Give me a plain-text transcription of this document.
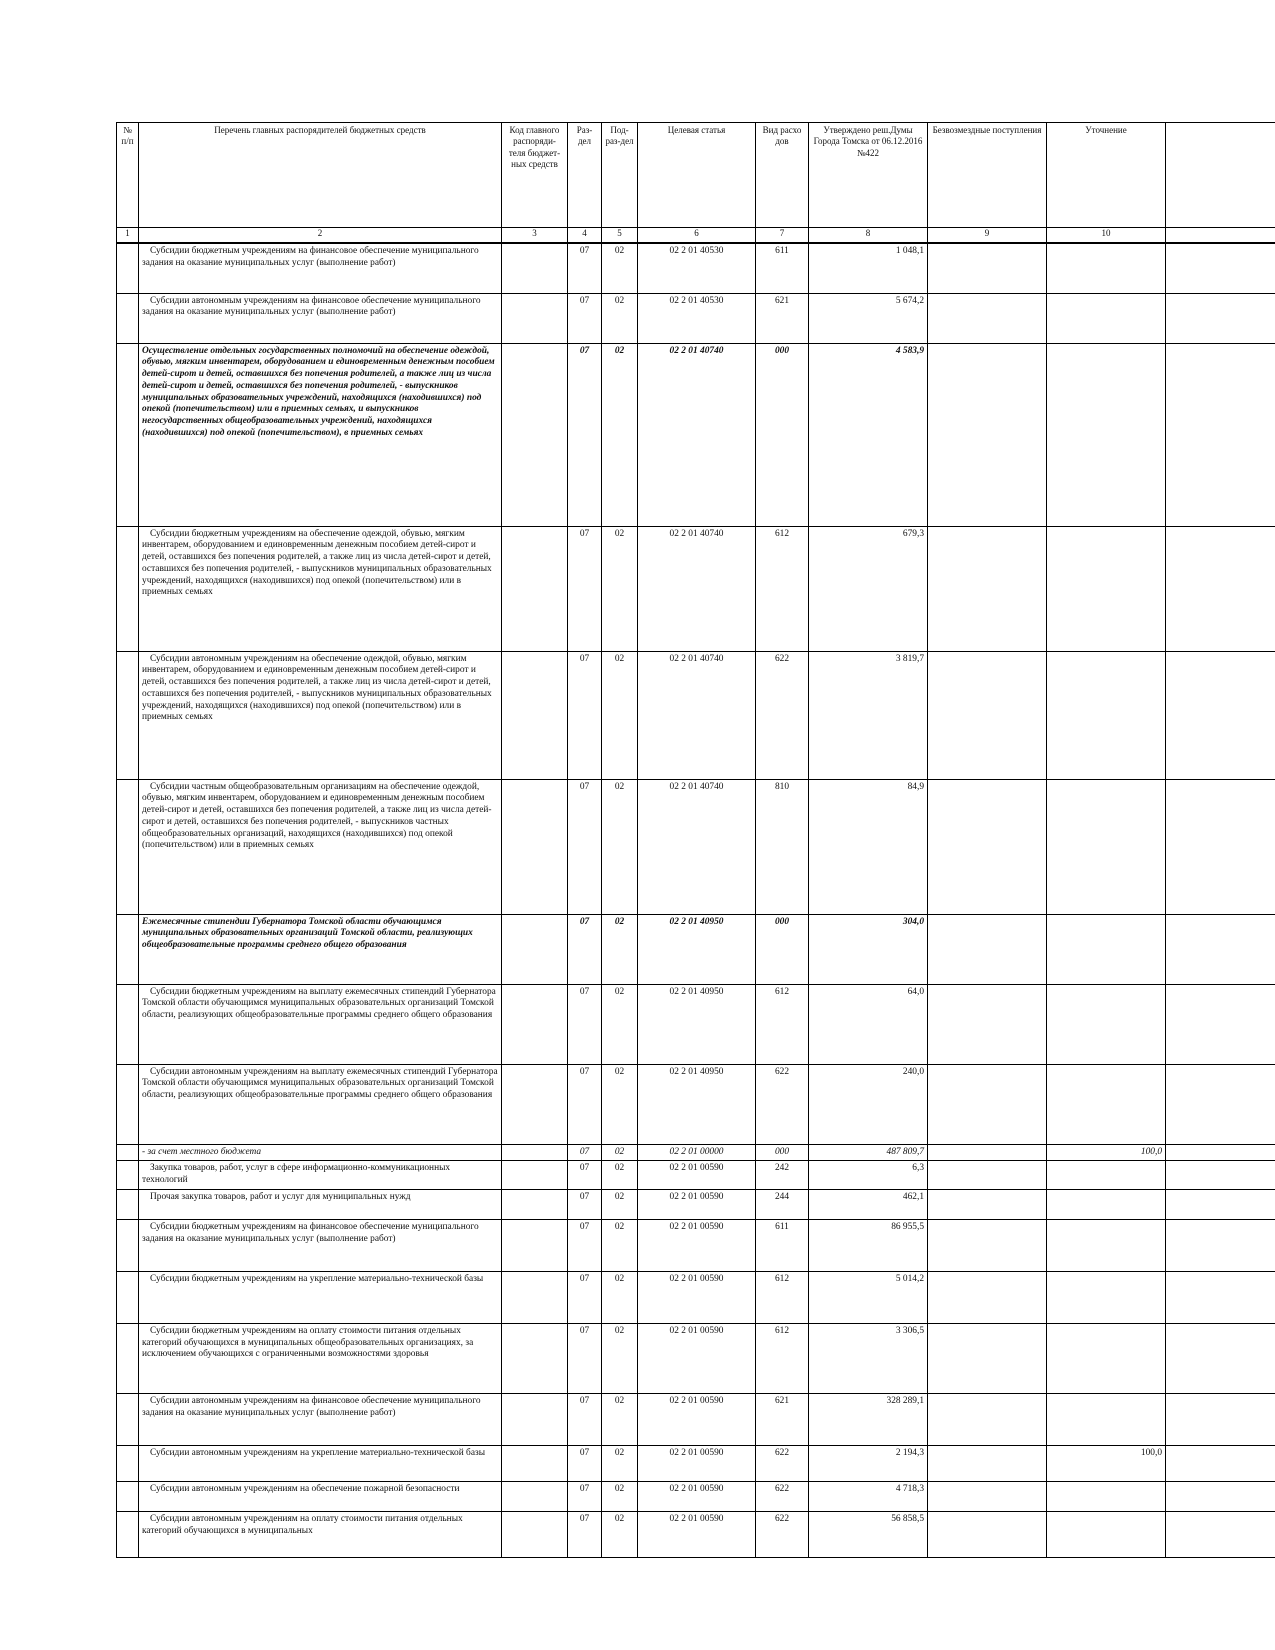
№ п/п	Перечень главных распорядителей бюджетных средств	Код главного распоряди-теля бюджет-ных средств	Раз-дел	Под-раз-дел	Целевая статья	Вид расхо дов	Утверждено реш.Думы Города Томска от 06.12.2016 №422	Безвозмездные поступления	Уточнение	
1	2	3	4	5	6	7	8	9	10	
	Субсидии бюджетным учреждениям на финансовое обеспечение муниципального задания на оказание муниципальных услуг (выполнение работ)		07	02	02 2 01 40530	611	1 048,1			
	Субсидии автономным учреждениям на финансовое обеспечение муниципального задания на оказание муниципальных услуг (выполнение работ)		07	02	02 2 01 40530	621	5 674,2			
	Осуществление отдельных государственных полномочий на обеспечение одеждой, обувью, мягким инвентарем, оборудованием и единовременным денежным пособием детей-сирот и детей, оставшихся без попечения родителей, а также лиц из числа детей-сирот и детей, оставшихся без попечения родителей, - выпускников муниципальных образовательных учреждений, находящихся (находившихся) под опекой (попечительством) или в приемных семьях, и выпускников негосударственных общеобразовательных учреждений, находящихся (находившихся) под опекой (попечительством), в приемных семьях		07	02	02 2 01 40740	000	4 583,9			
	Субсидии бюджетным учреждениям на обеспечение одеждой, обувью, мягким инвентарем, оборудованием и единовременным денежным пособием детей-сирот и детей, оставшихся без попечения родителей, а также лиц из числа детей-сирот и детей, оставшихся без попечения родителей, - выпускников муниципальных образовательных учреждений, находящихся (находившихся) под опекой (попечительством) или в приемных семьях		07	02	02 2 01 40740	612	679,3			
	Субсидии автономным учреждениям на обеспечение одеждой, обувью, мягким инвентарем, оборудованием и единовременным денежным пособием детей-сирот и детей, оставшихся без попечения родителей, а также лиц из числа детей-сирот и детей, оставшихся без попечения родителей, - выпускников муниципальных образовательных учреждений, находящихся (находившихся) под опекой (попечительством) или в приемных семьях		07	02	02 2 01 40740	622	3 819,7			
	Субсидии частным общеобразовательным организациям на обеспечение одеждой, обувью, мягким инвентарем, оборудованием и единовременным денежным пособием детей-сирот и детей, оставшихся без попечения родителей, а также лиц из числа детей-сирот и детей, оставшихся без попечения родителей, - выпускников частных общеобразовательных организаций, находящихся (находившихся) под опекой (попечительством) или в приемных семьях		07	02	02 2 01 40740	810	84,9			
	Ежемесячные стипендии Губернатора Томской области обучающимся муниципальных образовательных организаций Томской области, реализующих общеобразовательные программы среднего общего образования		07	02	02 2 01 40950	000	304,0			
	Субсидии бюджетным учреждениям на выплату ежемесячных стипендий Губернатора Томской области обучающимся муниципальных образовательных организаций Томской области, реализующих общеобразовательные программы среднего общего образования		07	02	02 2 01 40950	612	64,0			
	Субсидии автономным учреждениям на выплату ежемесячных стипендий Губернатора Томской области обучающимся муниципальных образовательных организаций Томской области, реализующих общеобразовательные программы среднего общего образования		07	02	02 2 01 40950	622	240,0			
	- за счет местного бюджета		07	02	02 2 01 00000	000	487 809,7		100,0	
	Закупка товаров, работ, услуг в сфере информационно-коммуникационных технологий		07	02	02 2 01 00590	242	6,3			
	Прочая закупка товаров, работ и услуг для муниципальных нужд		07	02	02 2 01 00590	244	462,1			
	Субсидии бюджетным учреждениям на финансовое обеспечение муниципального задания на оказание муниципальных услуг (выполнение работ)		07	02	02 2 01 00590	611	86 955,5			
	Субсидии бюджетным учреждениям на укрепление материально-технической базы		07	02	02 2 01 00590	612	5 014,2			
	Субсидии бюджетным учреждениям на оплату стоимости питания отдельных категорий обучающихся в муниципальных общеобразовательных организациях, за исключением обучающихся с ограниченными возможностями здоровья		07	02	02 2 01 00590	612	3 306,5			
	Субсидии автономным учреждениям на финансовое обеспечение муниципального задания на оказание муниципальных услуг (выполнение работ)		07	02	02 2 01 00590	621	328 289,1			
	Субсидии автономным учреждениям на укрепление материально-технической базы		07	02	02 2 01 00590	622	2 194,3		100,0	
	Субсидии автономным учреждениям на обеспечение пожарной безопасности		07	02	02 2 01 00590	622	4 718,3			
	Субсидии автономным учреждениям на оплату стоимости питания отдельных категорий обучающихся в муниципальных		07	02	02 2 01 00590	622	56 858,5			
